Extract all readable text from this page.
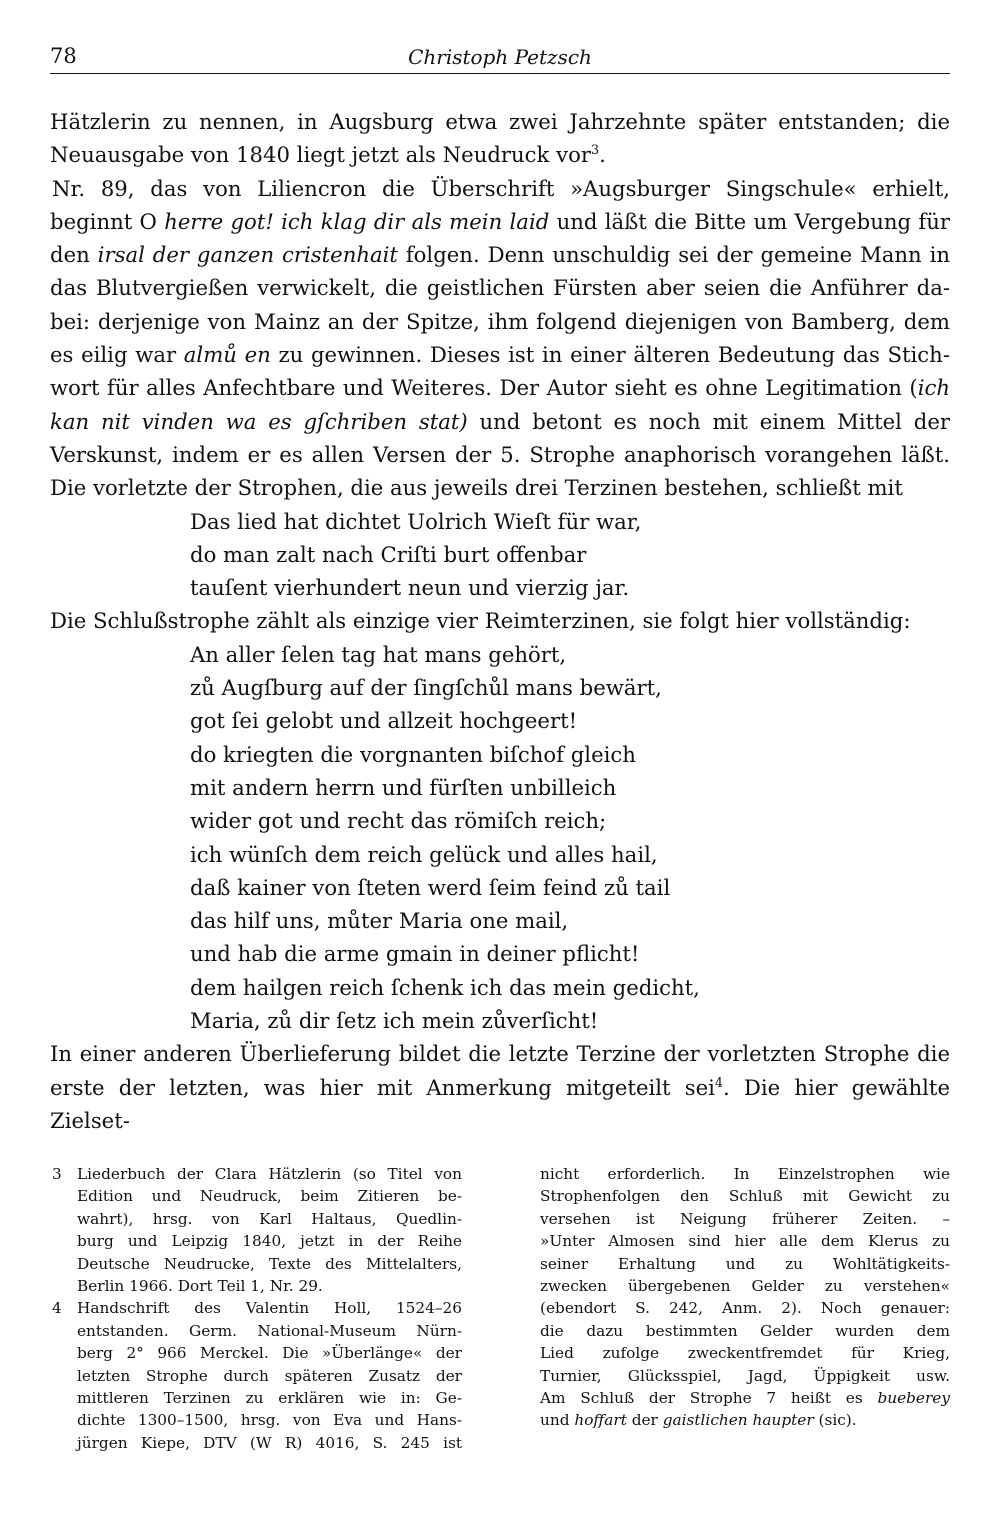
78	Christoph Petzsch
Hätzlerin zu nennen, in Augsburg etwa zwei Jahrzehnte später entstanden; die
Neuausgabe von 1840 liegt jetzt als Neudruck vor$^3$.
Nr. 89, das von Liliencron die Überschrift »Augsburger Singschule« erhielt,
beginnt O herre got! ich klag dir als mein laid und läßt die Bitte um Vergebung für
den irsal der ganzen cristenhait folgen. Denn unschuldig sei der gemeine Mann in
das Blutvergießen verwickelt, die geistlichen Fürsten aber seien die Anführer da-
bei: derjenige von Mainz an der Spitze, ihm folgend diejenigen von Bamberg, dem
es eilig war almů en zu gewinnen. Dieses ist in einer älteren Bedeutung das Stich-
wort für alles Anfechtbare und Weiteres. Der Autor sieht es ohne Legitimation (ich
kan nit vinden wa es gſchriben stat) und betont es noch mit einem Mittel der
Verskunst, indem er es allen Versen der 5. Strophe anaphorisch vorangehen läßt.
Die vorletzte der Strophen, die aus jeweils drei Terzinen bestehen, schließt mit
Das lied hat dichtet Uolrich Wieſt für war,
do man zalt nach Criſti burt offenbar
tauſent vierhundert neun und vierzig jar.
Die Schlußstrophe zählt als einzige vier Reimterzinen, sie folgt hier vollständig:
An aller ſelen tag hat mans gehört,
zů Augſburg auf der ſingſchůl mans bewärt,
got ſei gelobt und allzeit hochgeert!
do kriegten die vorgnanten biſchof gleich
mit andern herrn und fürſten unbilleich
wider got und recht das römiſch reich;
ich wünſch dem reich gelück und alles hail,
daß kainer von ſteten werd ſeim feind zů tail
das hilf uns, můter Maria one mail,
und hab die arme gmain in deiner pflicht!
dem hailgen reich ſchenk ich das mein gedicht,
Maria, zů dir ſetz ich mein zůverſicht!
In einer anderen Überlieferung bildet die letzte Terzine der vorletzten Strophe die
erste der letzten, was hier mit Anmerkung mitgeteilt sei$^4$. Die hier gewählte Zielset-
3 Liederbuch der Clara Hätzlerin (so Titel von
Edition und Neudruck, beim Zitieren be-
wahrt), hrsg. von Karl Haltaus, Quedlin-
burg und Leipzig 1840, jetzt in der Reihe
Deutsche Neudrucke, Texte des Mittelalters,
Berlin 1966. Dort Teil 1, Nr. 29.
4 Handschrift des Valentin Holl, 1524–26
entstanden. Germ. National-Museum Nürn-
berg 2° 966 Merckel. Die »Überlänge« der
letzten Strophe durch späteren Zusatz der
mittleren Terzinen zu erklären wie in: Ge-
dichte 1300–1500, hrsg. von Eva und Hans-
jürgen Kiepe, DTV (W R) 4016, S. 245 ist
nicht erforderlich. In Einzelstrophen wie
Strophenfolgen den Schluß mit Gewicht zu
versehen ist Neigung früherer Zeiten. –
»Unter Almosen sind hier alle dem Klerus zu
seiner Erhaltung und zu Wohltätigkeits-
zwecken übergebenen Gelder zu verstehen«
(ebendort S. 242, Anm. 2). Noch genauer:
die dazu bestimmten Gelder wurden dem
Lied zufolge zweckentfremdet für Krieg,
Turnier, Glücksspiel, Jagd, Üppigkeit usw.
Am Schluß der Strophe 7 heißt es bueberey
und hoffart der gaistlichen haupter (sic).
